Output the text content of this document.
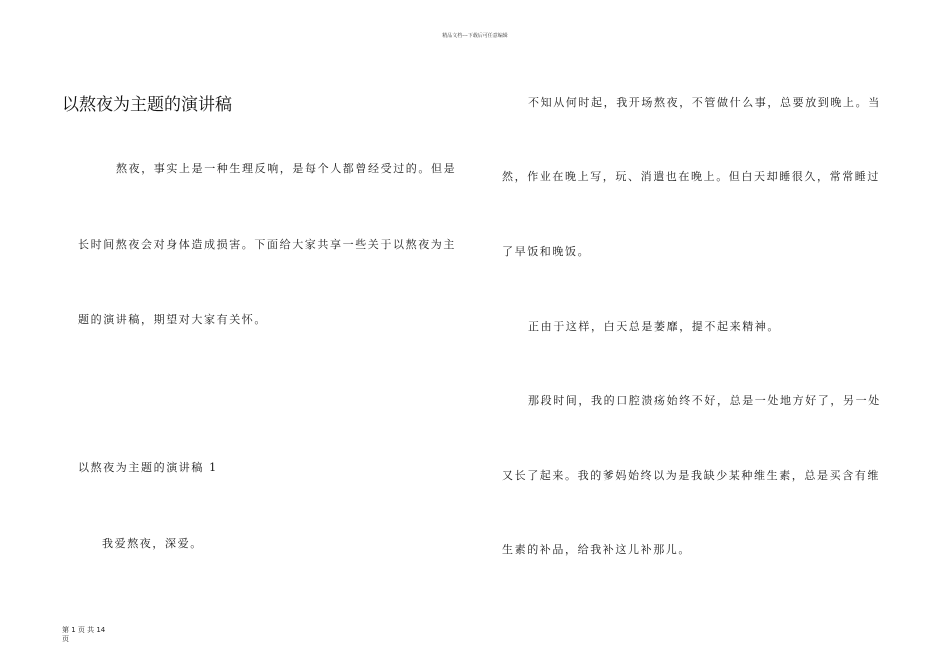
精品文档---下载后可任意编辑
以熬夜为主题的演讲稿
熬夜，事实上是一种生理反响，是每个人都曾经受过的。但是
长时间熬夜会对身体造成损害。下面给大家共享一些关于以熬夜为主
题的演讲稿，期望对大家有关怀。
以熬夜为主题的演讲稿 1
我爱熬夜，深爱。
不知从何时起，我开场熬夜，不管做什么事，总要放到晚上。当
然，作业在晚上写，玩、消遣也在晚上。但白天却睡很久，常常睡过
了早饭和晚饭。
正由于这样，白天总是萎靡，提不起来精神。
那段时间，我的口腔溃疡始终不好，总是一处地方好了，另一处
又长了起来。我的爹妈始终以为是我缺少某种维生素，总是买含有维
生素的补品，给我补这儿补那儿。
第 1 页 共 14
页
